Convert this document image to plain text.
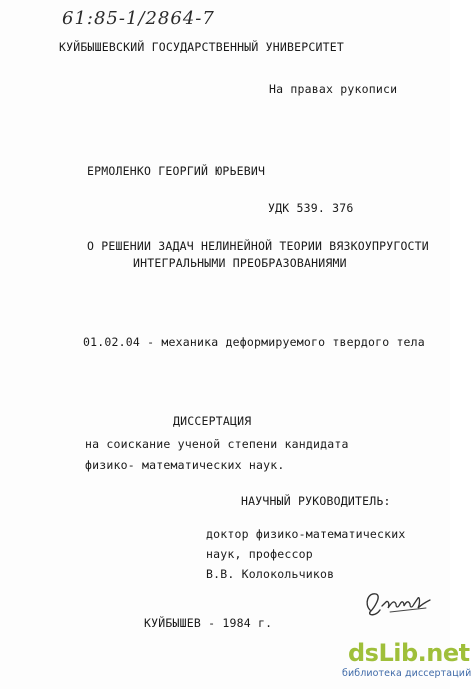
61:85-1/2864-7
КУЙБЫШЕВСКИЙ ГОСУДАРСТВЕННЫЙ УНИВЕРСИТЕТ
На правах рукописи
ЕРМОЛЕНКО ГЕОРГИЙ ЮРЬЕВИЧ
УДК 539. 376
О РЕШЕНИИ ЗАДАЧ НЕЛИНЕЙНОЙ ТЕОРИИ ВЯЗКОУПРУГОСТИ
ИНТЕГРАЛЬНЫМИ ПРЕОБРАЗОВАНИЯМИ
01.02.04 - механика деформируемого твердого тела
ДИССЕРТАЦИЯ
на соискание ученой степени кандидата
физико- математических наук.
НАУЧНЫЙ РУКОВОДИТЕЛЬ:
доктор физико-математических
наук, профессор
В.В. Колокольчиков
КУЙБЫШЕВ - 1984 г.
dsLib.net
библиотека диссертаций
